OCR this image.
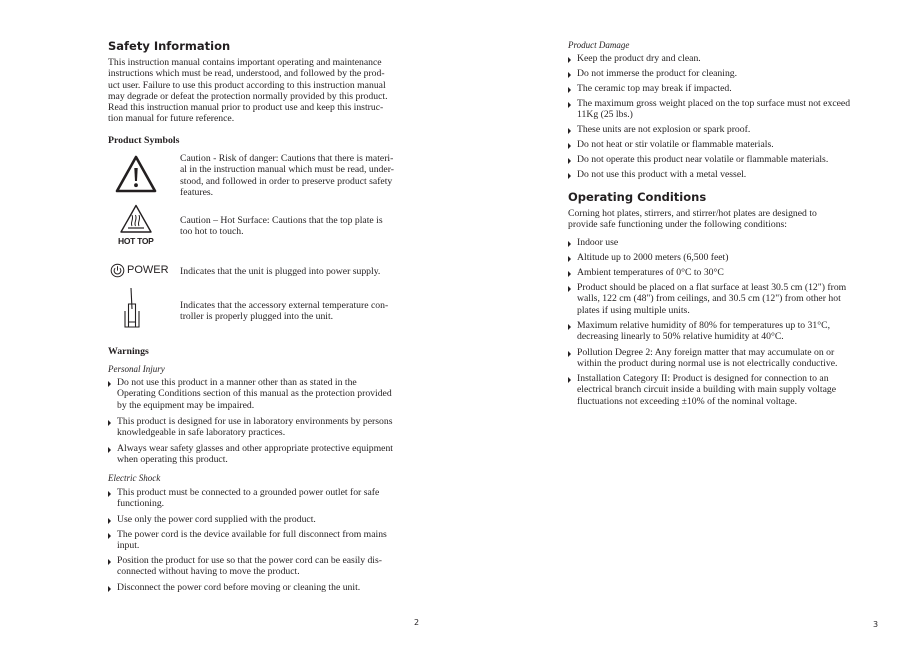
Safety Information

This instruction manual contains important operating and maintenance
instructions which must be read, understood, and followed by the prod-
uct user. Failure to use this product according to this instruction manual
may degrade or defeat the protection normally provided by this product.
Read this instruction manual prior to product use and keep this instruc-
tion manual for future reference.

Product Symbols

Caution - Risk of danger: Cautions that there is materi-
al in the instruction manual which must be read, under-
stood, and followed in order to preserve product safety
features.

HOT TOP

Caution – Hot Surface: Cautions that the top plate is
too hot to touch.

POWER Indicates that the unit is plugged into power supply.

Indicates that the accessory external temperature con-
troller is properly plugged into the unit.

Warnings

Personal Injury

Do not use this product in a manner other than as stated in the
Operating Conditions section of this manual as the protection provided
by the equipment may be impaired.

This product is designed for use in laboratory environments by persons
knowledgeable in safe laboratory practices.

Always wear safety glasses and other appropriate protective equipment
when operating this product.

Electric Shock

This product must be connected to a grounded power outlet for safe
functioning.

Use only the power cord supplied with the product.

The power cord is the device available for full disconnect from mains
input.

Position the product for use so that the power cord can be easily dis-
connected without having to move the product.

Disconnect the power cord before moving or cleaning the unit.

2

Product Damage

Keep the product dry and clean.

Do not immerse the product for cleaning.

The ceramic top may break if impacted.

The maximum gross weight placed on the top surface must not exceed
11Kg (25 lbs.)

These units are not explosion or spark proof.

Do not heat or stir volatile or flammable materials.

Do not operate this product near volatile or flammable materials.

Do not use this product with a metal vessel.

Operating Conditions

Corning hot plates, stirrers, and stirrer/hot plates are designed to
provide safe functioning under the following conditions:

Indoor use

Altitude up to 2000 meters (6,500 feet)

Ambient temperatures of 0°C to 30°C

Product should be placed on a flat surface at least 30.5 cm (12") from
walls, 122 cm (48") from ceilings, and 30.5 cm (12") from other hot
plates if using multiple units.

Maximum relative humidity of 80% for temperatures up to 31°C,
decreasing linearly to 50% relative humidity at 40°C.

Pollution Degree 2: Any foreign matter that may accumulate on or
within the product during normal use is not electrically conductive.

Installation Category II: Product is designed for connection to an
electrical branch circuit inside a building with main supply voltage
fluctuations not exceeding ±10% of the nominal voltage.

3
